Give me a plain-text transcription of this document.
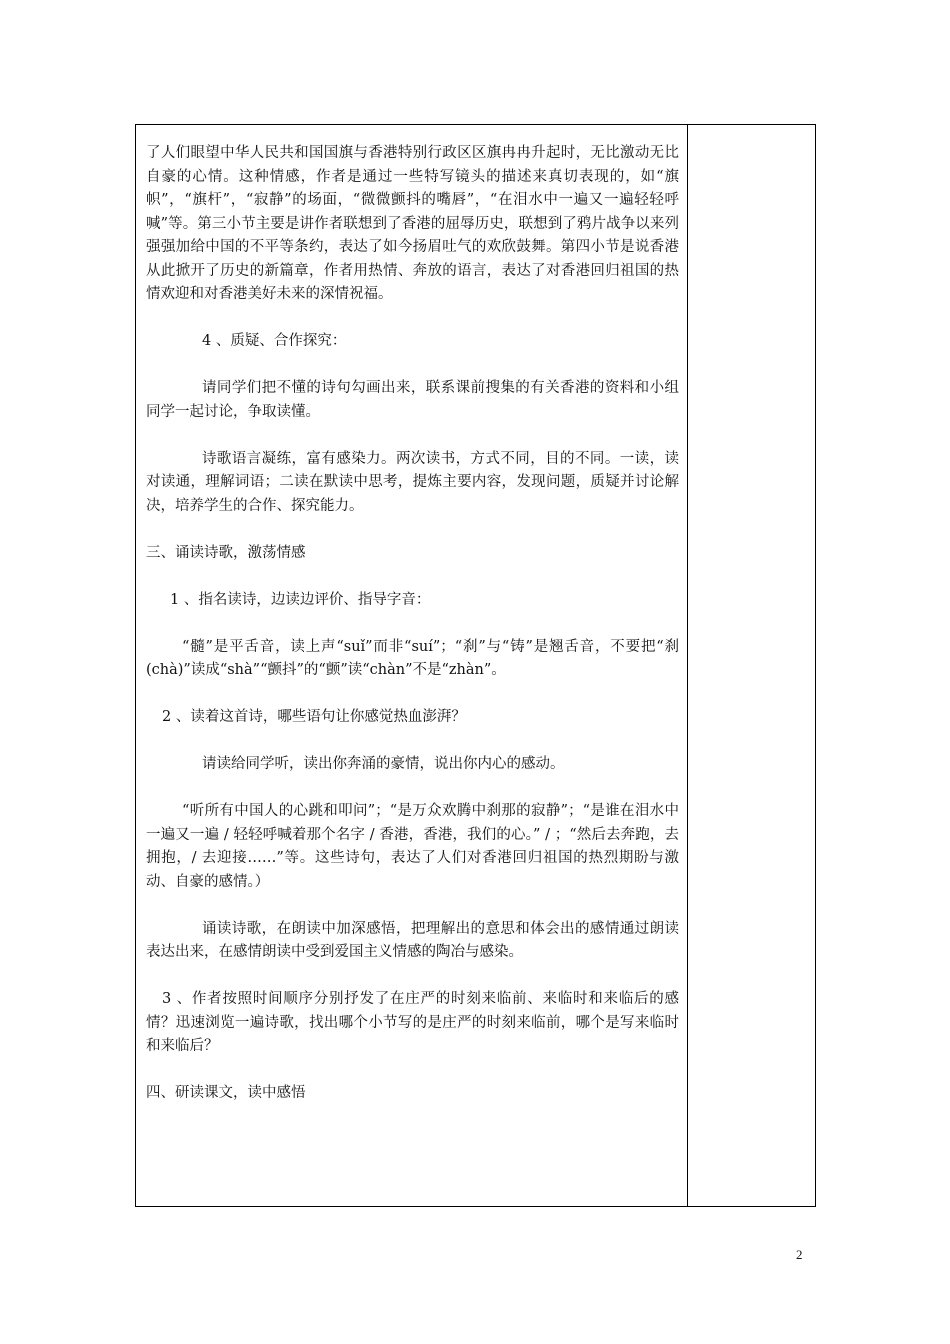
了人们眼望中华人民共和国国旗与香港特别行政区区旗冉冉升起时，无比激动无比自豪的心情。这种情感，作者是通过一些特写镜头的描述来真切表现的，如“旗帜”，“旗杆”，“寂静”的场面，“微微颤抖的嘴唇”，“在泪水中一遍又一遍轻轻呼喊”等。第三小节主要是讲作者联想到了香港的屈辱历史，联想到了鸦片战争以来列强强加给中国的不平等条约，表达了如今扬眉吐气的欢欣鼓舞。第四小节是说香港从此掀开了历史的新篇章，作者用热情、奔放的语言，表达了对香港回归祖国的热情欢迎和对香港美好未来的深情祝福。

4 、质疑、合作探究：

请同学们把不懂的诗句勾画出来，联系课前搜集的有关香港的资料和小组同学一起讨论，争取读懂。

诗歌语言凝练，富有感染力。两次读书，方式不同，目的不同。一读，读对读通，理解词语；二读在默读中思考，提炼主要内容，发现问题，质疑并讨论解决，培养学生的合作、探究能力。

三、诵读诗歌，激荡情感

1 、指名读诗，边读边评价、指导字音：

“髓”是平舌音，读上声“suǐ”而非“suí”；“刹”与“铸”是翘舌音，不要把“刹(chà)”读成“shà”“颤抖”的“颤”读“chàn”不是“zhàn”。

2 、读着这首诗，哪些语句让你感觉热血澎湃？

请读给同学听，读出你奔涌的豪情，说出你内心的感动。

“听所有中国人的心跳和叩问”；“是万众欢腾中刹那的寂静”；“是谁在泪水中一遍又一遍 / 轻轻呼喊着那个名字 / 香港，香港，我们的心。” / ；“然后去奔跑，去拥抱，/ 去迎接……”等。这些诗句，表达了人们对香港回归祖国的热烈期盼与激动、自豪的感情。）

诵读诗歌，在朗读中加深感悟，把理解出的意思和体会出的感情通过朗读表达出来，在感情朗读中受到爱国主义情感的陶冶与感染。

3 、作者按照时间顺序分别抒发了在庄严的时刻来临前、来临时和来临后的感情？迅速浏览一遍诗歌，找出哪个小节写的是庄严的时刻来临前，哪个是写来临时和来临后？

四、研读课文，读中感悟

2
